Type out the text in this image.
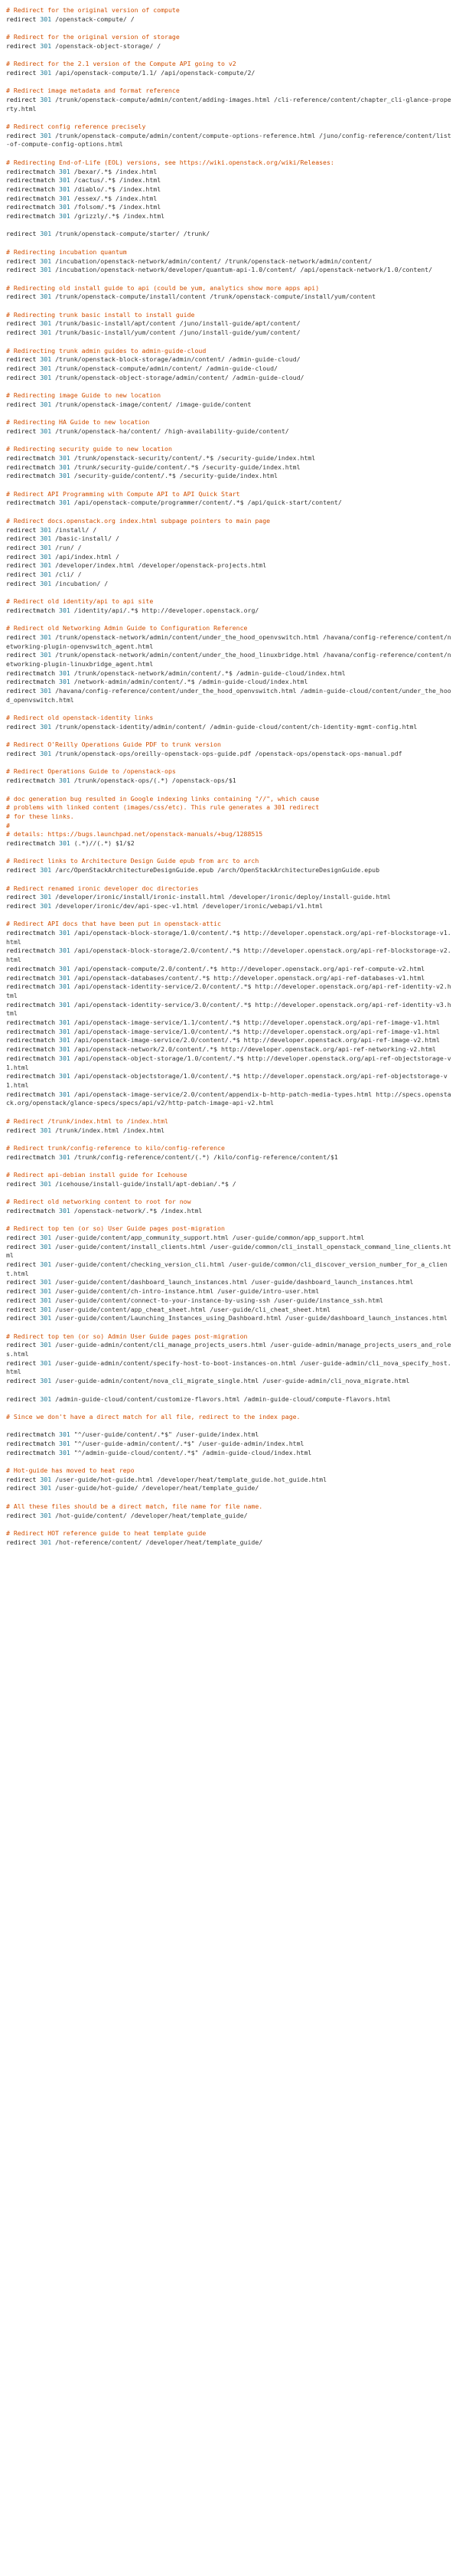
# Redirect for the original version of compute
redirect 301 /openstack-compute/ /
# Redirect for the original version of storage
redirect 301 /openstack-object-storage/ /
# Redirect for the 2.1 version of the Compute API going to v2
redirect 301 /api/openstack-compute/1.1/ /api/openstack-compute/2/
# Redirect image metadata and format reference
redirect 301 /trunk/openstack-compute/admin/content/adding-images.html /cli-reference/content/chapter_cli-glance-property.html
# Redirect config reference precisely
redirect 301 /trunk/openstack-compute/admin/content/compute-options-reference.html /juno/config-reference/content/list-of-compute-config-options.html
# Redirecting End-of-Life (EOL) versions, see https://wiki.openstack.org/wiki/Releases:
redirectmatch 301 /bexar/.*$ /index.html
redirectmatch 301 /cactus/.*$ /index.html
redirectmatch 301 /diablo/.*$ /index.html
redirectmatch 301 /essex/.*$ /index.html
redirectmatch 301 /folsom/.*$ /index.html
redirectmatch 301 /grizzly/.*$ /index.html
redirect 301 /trunk/openstack-compute/starter/ /trunk/
# Redirecting incubation quantum
redirect 301 /incubation/openstack-network/admin/content/ /trunk/openstack-network/admin/content/
redirect 301 /incubation/openstack-network/developer/quantum-api-1.0/content/ /api/openstack-network/1.0/content/
# Redirecting old install guide to api (could be yum, analytics show more apps api)
redirect 301 /trunk/openstack-compute/install/content /trunk/openstack-compute/install/yum/content
# Redirecting trunk basic install to install guide
redirect 301 /trunk/basic-install/apt/content /juno/install-guide/apt/content/
redirect 301 /trunk/basic-install/yum/content /juno/install-guide/yum/content/
# Redirecting trunk admin guides to admin-guide-cloud
redirect 301 /trunk/openstack-block-storage/admin/content/ /admin-guide-cloud/
redirect 301 /trunk/openstack-compute/admin/content/ /admin-guide-cloud/
redirect 301 /trunk/openstack-object-storage/admin/content/ /admin-guide-cloud/
# Redirecting image Guide to new location
redirect 301 /trunk/openstack-image/content/ /image-guide/content
# Redirecting HA Guide to new location
redirect 301 /trunk/openstack-ha/content/ /high-availability-guide/content/
# Redirecting security guide to new location
redirectmatch 301 /trunk/openstack-security/content/.*$ /security-guide/index.html
redirectmatch 301 /trunk/security-guide/content/.*$ /security-guide/index.html
redirectmatch 301 /security-guide/content/.*$ /security-guide/index.html
# Redirect API Programming with Compute API to API Quick Start
redirectmatch 301 /api/openstack-compute/programmer/content/.*$ /api/quick-start/content/
# Redirect docs.openstack.org index.html subpage pointers to main page
redirect 301 /install/ /
redirect 301 /basic-install/ /
redirect 301 /run/ /
redirect 301 /api/index.html /
redirect 301 /developer/index.html /developer/openstack-projects.html
redirect 301 /cli/ /
redirect 301 /incubation/ /
# Redirect old identity/api to api site
redirectmatch 301 /identity/api/.*$ http://developer.openstack.org/
# Redirect old Networking Admin Guide to Configuration Reference
redirect 301 /trunk/openstack-network/admin/content/under_the_hood_openvswitch.html /havana/config-reference/content/networking-plugin-openvswitch_agent.html
redirect 301 /trunk/openstack-network/admin/content/under_the_hood_linuxbridge.html /havana/config-reference/content/networking-plugin-linuxbridge_agent.html
redirectmatch 301 /trunk/openstack-network/admin/content/.*$ /admin-guide-cloud/index.html
redirectmatch 301 /network-admin/admin/content/.*$ /admin-guide-cloud/index.html
redirect 301 /havana/config-reference/content/under_the_hood_openvswitch.html /admin-guide-cloud/content/under_the_hood_openvswitch.html
# Redirect old openstack-identity links
redirect 301 /trunk/openstack-identity/admin/content/ /admin-guide-cloud/content/ch-identity-mgmt-config.html
# Redirect O'Reilly Operations Guide PDF to trunk version
redirect 301 /trunk/openstack-ops/oreilly-openstack-ops-guide.pdf /openstack-ops/openstack-ops-manual.pdf
# Redirect Operations Guide to /openstack-ops
redirectmatch 301 /trunk/openstack-ops/(.*) /openstack-ops/$1
# doc generation bug resulted in Google indexing links containing "//", which cause
# problems with linked content (images/css/etc). This rule generates a 301 redirect
# for these links.
#
# details: https://bugs.launchpad.net/openstack-manuals/+bug/1288515
redirectmatch 301 (.*)//(.*) $1/$2
# Redirect links to Architecture Design Guide epub from arc to arch
redirect 301 /arc/OpenStackArchitectureDesignGuide.epub /arch/OpenStackArchitectureDesignGuide.epub
# Redirect renamed ironic developer doc directories
redirect 301 /developer/ironic/install/ironic-install.html /developer/ironic/deploy/install-guide.html
redirect 301 /developer/ironic/dev/api-spec-v1.html /developer/ironic/webapi/v1.html
# Redirect API docs that have been put in openstack-attic
redirectmatch 301 /api/openstack-block-storage/1.0/content/.*$ http://developer.openstack.org/api-ref-blockstorage-v1.html
redirectmatch 301 /api/openstack-block-storage/2.0/content/.*$ http://developer.openstack.org/api-ref-blockstorage-v2.html
redirectmatch 301 /api/openstack-compute/2.0/content/.*$ http://developer.openstack.org/api-ref-compute-v2.html
redirectmatch 301 /api/openstack-databases/content/.*$ http://developer.openstack.org/api-ref-databases-v1.html
redirectmatch 301 /api/openstack-identity-service/2.0/content/.*$ http://developer.openstack.org/api-ref-identity-v2.html
redirectmatch 301 /api/openstack-identity-service/3.0/content/.*$ http://developer.openstack.org/api-ref-identity-v3.html
redirectmatch 301 /api/openstack-image-service/1.1/content/.*$ http://developer.openstack.org/api-ref-image-v1.html
redirectmatch 301 /api/openstack-image-service/1.0/content/.*$ http://developer.openstack.org/api-ref-image-v1.html
redirectmatch 301 /api/openstack-image-service/2.0/content/.*$ http://developer.openstack.org/api-ref-image-v2.html
redirectmatch 301 /api/openstack-network/2.0/content/.*$ http://developer.openstack.org/api-ref-networking-v2.html
redirectmatch 301 /api/openstack-object-storage/1.0/content/.*$ http://developer.openstack.org/api-ref-objectstorage-v1.html
redirectmatch 301 /api/openstack-objectstorage/1.0/content/.*$ http://developer.openstack.org/api-ref-objectstorage-v1.html
redirectmatch 301 /api/openstack-image-service/2.0/content/appendix-b-http-patch-media-types.html http://specs.openstack.org/openstack/glance-specs/specs/api/v2/http-patch-image-api-v2.html
# Redirect /trunk/index.html to /index.html
redirect 301 /trunk/index.html /index.html
# Redirect trunk/config-reference to kilo/config-reference
redirectmatch 301 /trunk/config-reference/content/(.*) /kilo/config-reference/content/$1
# Redirect api-debian install guide for Icehouse
redirect 301 /icehouse/install-guide/install/apt-debian/.*$ /
# Redirect old networking content to root for now
redirectmatch 301 /openstack-network/.*$ /index.html
# Redirect top ten (or so) User Guide pages post-migration
redirect 301 /user-guide/content/app_community_support.html /user-guide/common/app_support.html
redirect 301 /user-guide/content/install_clients.html /user-guide/common/cli_install_openstack_command_line_clients.html
redirect 301 /user-guide/content/checking_version_cli.html /user-guide/common/cli_discover_version_number_for_a_client.html
redirect 301 /user-guide/content/dashboard_launch_instances.html /user-guide/dashboard_launch_instances.html
redirect 301 /user-guide/content/ch-intro-instance.html /user-guide/intro-user.html
redirect 301 /user-guide/content/connect-to-your-instance-by-using-ssh /user-guide/instance_ssh.html
redirect 301 /user-guide/content/app_cheat_sheet.html /user-guide/cli_cheat_sheet.html
redirect 301 /user-guide/content/Launching_Instances_using_Dashboard.html /user-guide/dashboard_launch_instances.html
# Redirect top ten (or so) Admin User Guide pages post-migration
redirect 301 /user-guide-admin/content/cli_manage_projects_users.html /user-guide-admin/manage_projects_users_and_roles.html
redirect 301 /user-guide-admin/content/specify-host-to-boot-instances-on.html /user-guide-admin/cli_nova_specify_host.html
redirect 301 /user-guide-admin/content/nova_cli_migrate_single.html /user-guide-admin/cli_nova_migrate.html
redirect 301 /admin-guide-cloud/content/customize-flavors.html /admin-guide-cloud/compute-flavors.html
# Since we don't have a direct match for all file, redirect to the index page.
redirectmatch 301 "^/user-guide/content/.*$" /user-guide/index.html
redirectmatch 301 "^/user-guide-admin/content/.*$" /user-guide-admin/index.html
redirectmatch 301 "^/admin-guide-cloud/content/.*$" /admin-guide-cloud/index.html
# Hot-guide has moved to heat repo
redirect 301 /user-guide/hot-guide.html /developer/heat/template_guide.hot_guide.html
redirect 301 /user-guide/hot-guide/ /developer/heat/template_guide/
# All these files should be a direct match, file name for file name.
redirect 301 /hot-guide/content/ /developer/heat/template_guide/
# Redirect HOT reference guide to heat template guide
redirect 301 /hot-reference/content/ /developer/heat/template_guide/
